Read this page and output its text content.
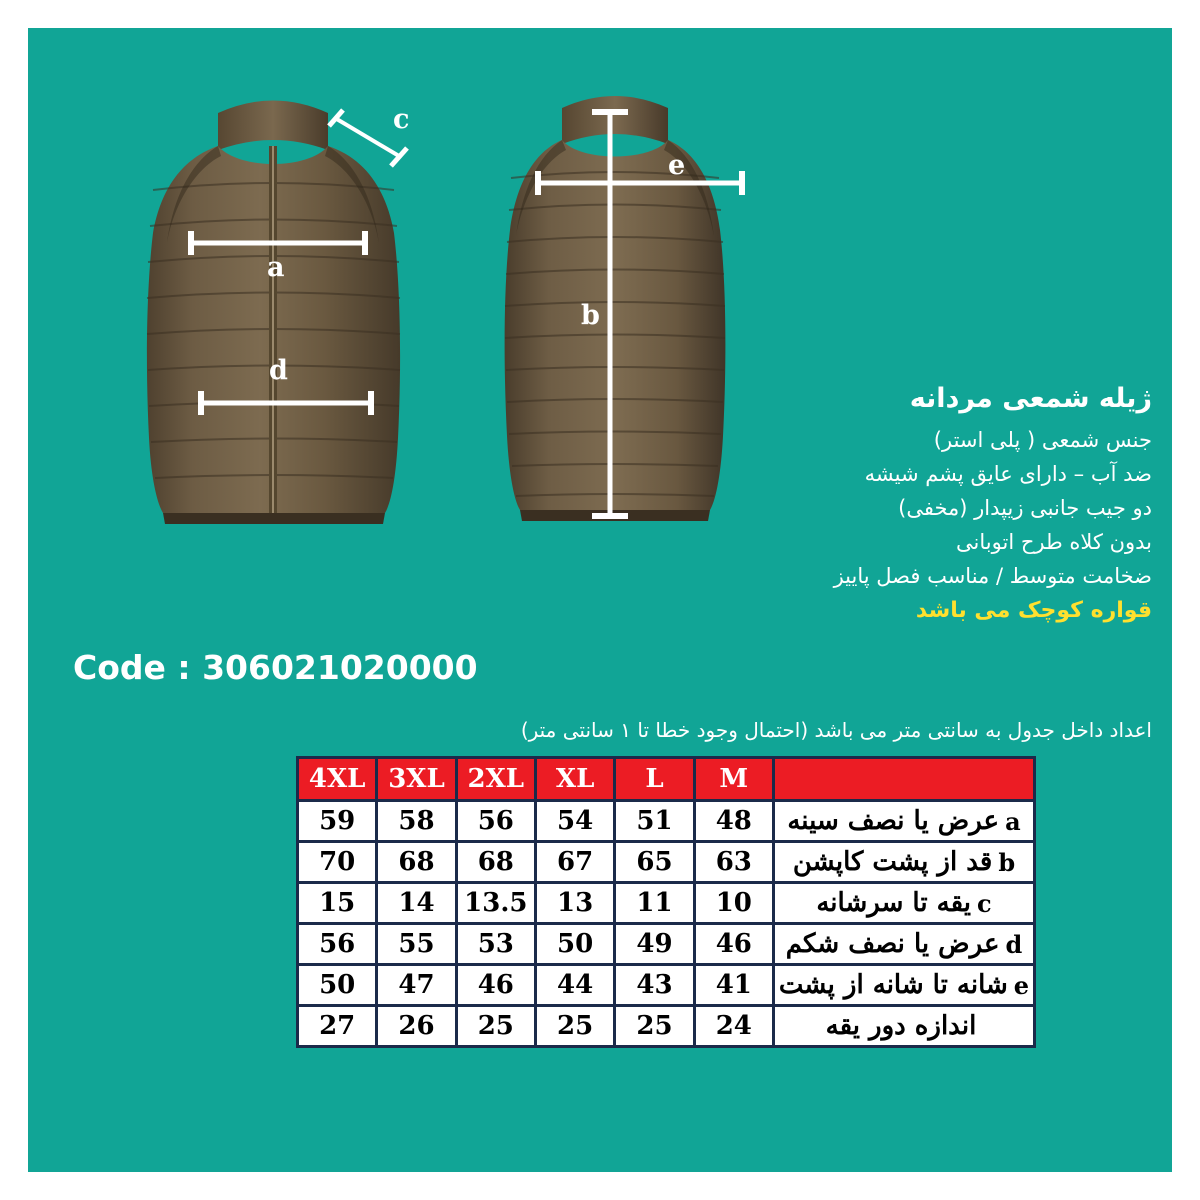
a
d
c
e
b
ژیله شمعی مردانه
جنس شمعی ( پلی استر)
ضد آب – دارای عایق پشم شیشه
دو جیب جانبی زیپدار (مخفی)
بدون کلاه طرح اتوبانی
ضخامت متوسط / مناسب فصل پاییز
قواره کوچک می باشد
Code : 306021020000
اعداد داخل جدول به سانتی متر می باشد (احتمال وجود خطا تا ۱ سانتی متر)
4XL	3XL	2XL	XL	L	M	
59	58	56	54	51	48	aعرض یا نصف سینه
70	68	68	67	65	63	bقد از پشت کاپشن
15	14	13.5	13	11	10	cیقه تا سرشانه
56	55	53	50	49	46	dعرض یا نصف شکم
50	47	46	44	43	41	eشانه تا شانه از پشت
27	26	25	25	25	24	اندازه دور یقه
